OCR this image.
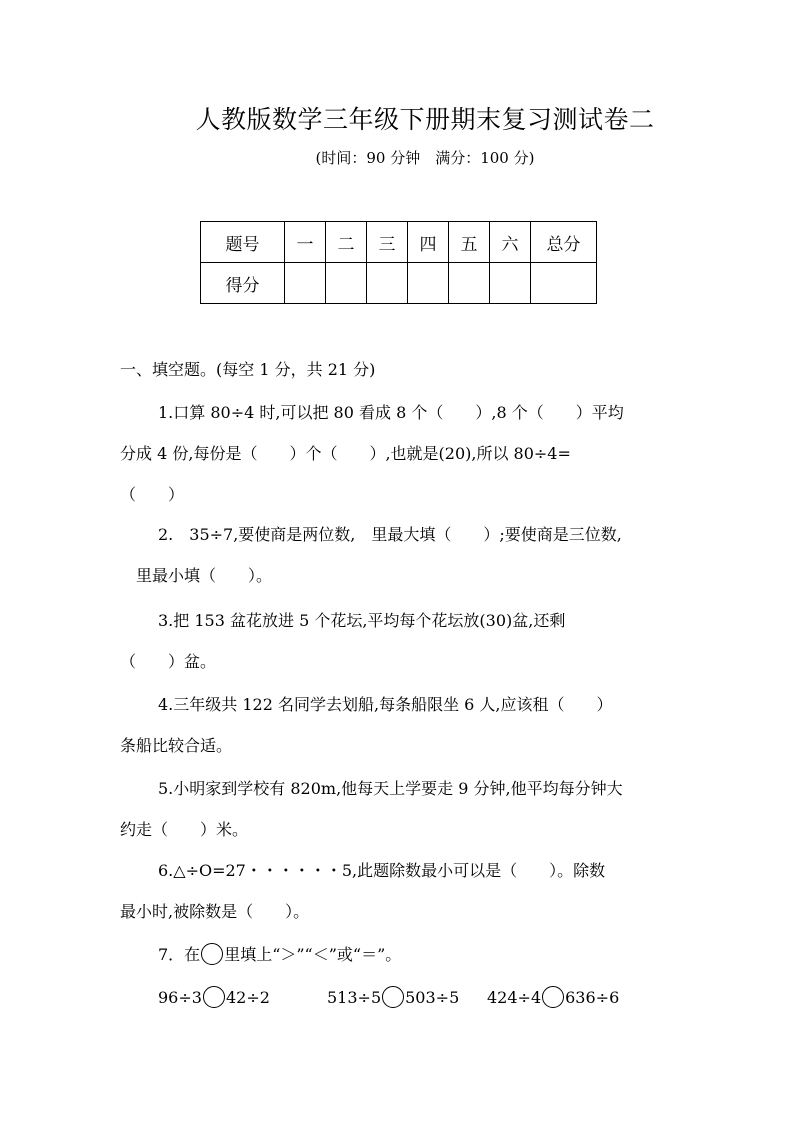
人教版数学三年级下册期末复习测试卷二
(时间：90 分钟　满分：100 分)
题号	一	二	三	四	五	六	总分
得分							
一、填空题。(每空 1 分，共 21 分)
1.口算 80÷4 时,可以把 80 看成 8 个（　　）,8 个（　　）平均
分成 4 份,每份是（　　）个（　　）,也就是(20),所以 80÷4=
（　　）
2.　35÷7,要使商是两位数,　里最大填（　　）;要使商是三位数,
　里最小填（　　）。
3.把 153 盆花放进 5 个花坛,平均每个花坛放(30)盆,还剩
（　　）盆。
4.三年级共 122 名同学去划船,每条船限坐 6 人,应该租（　　）
条船比较合适。
5.小明家到学校有 820m,他每天上学要走 9 分钟,他平均每分钟大
约走（　　）米。
6.△÷O=27・・・・・・5,此题除数最小可以是（　　）。除数
最小时,被除数是（　　）。
7．在 里填上“＞”“＜”或“＝”。
96÷3 42÷2	513÷5 503÷5 424÷4 636÷6
